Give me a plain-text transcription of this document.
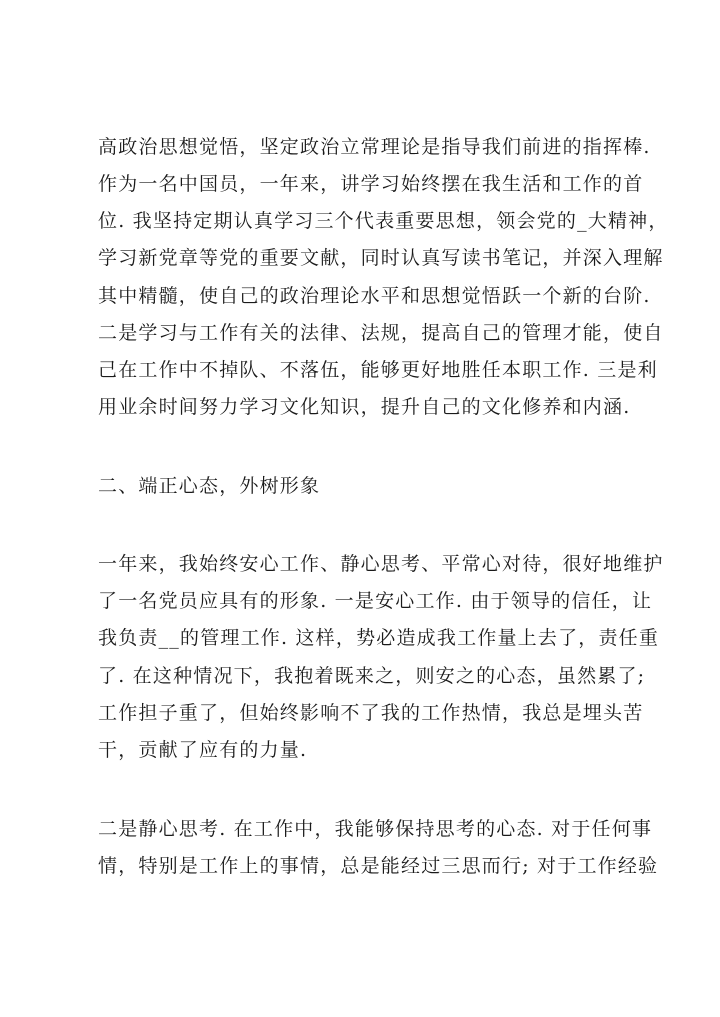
高政治思想觉悟，坚定政治立常理论是指导我们前进的指挥棒.
作为一名中国员，一年来，讲学习始终摆在我生活和工作的首
位. 我坚持定期认真学习三个代表重要思想，领会党的_大精神，
学习新党章等党的重要文献，同时认真写读书笔记，并深入理解
其中精髓，使自己的政治理论水平和思想觉悟跃一个新的台阶.
二是学习与工作有关的法律、法规，提高自己的管理才能，使自
己在工作中不掉队、不落伍，能够更好地胜任本职工作. 三是利
用业余时间努力学习文化知识，提升自己的文化修养和内涵.
二、端正心态，外树形象
一年来，我始终安心工作、静心思考、平常心对待，很好地维护
了一名党员应具有的形象. 一是安心工作. 由于领导的信任，让
我负责__的管理工作. 这样，势必造成我工作量上去了，责任重
了. 在这种情况下，我抱着既来之，则安之的心态，虽然累了;
工作担子重了，但始终影响不了我的工作热情，我总是埋头苦
干，贡献了应有的力量.
二是静心思考. 在工作中，我能够保持思考的心态. 对于任何事
情，特别是工作上的事情，总是能经过三思而行; 对于工作经验
